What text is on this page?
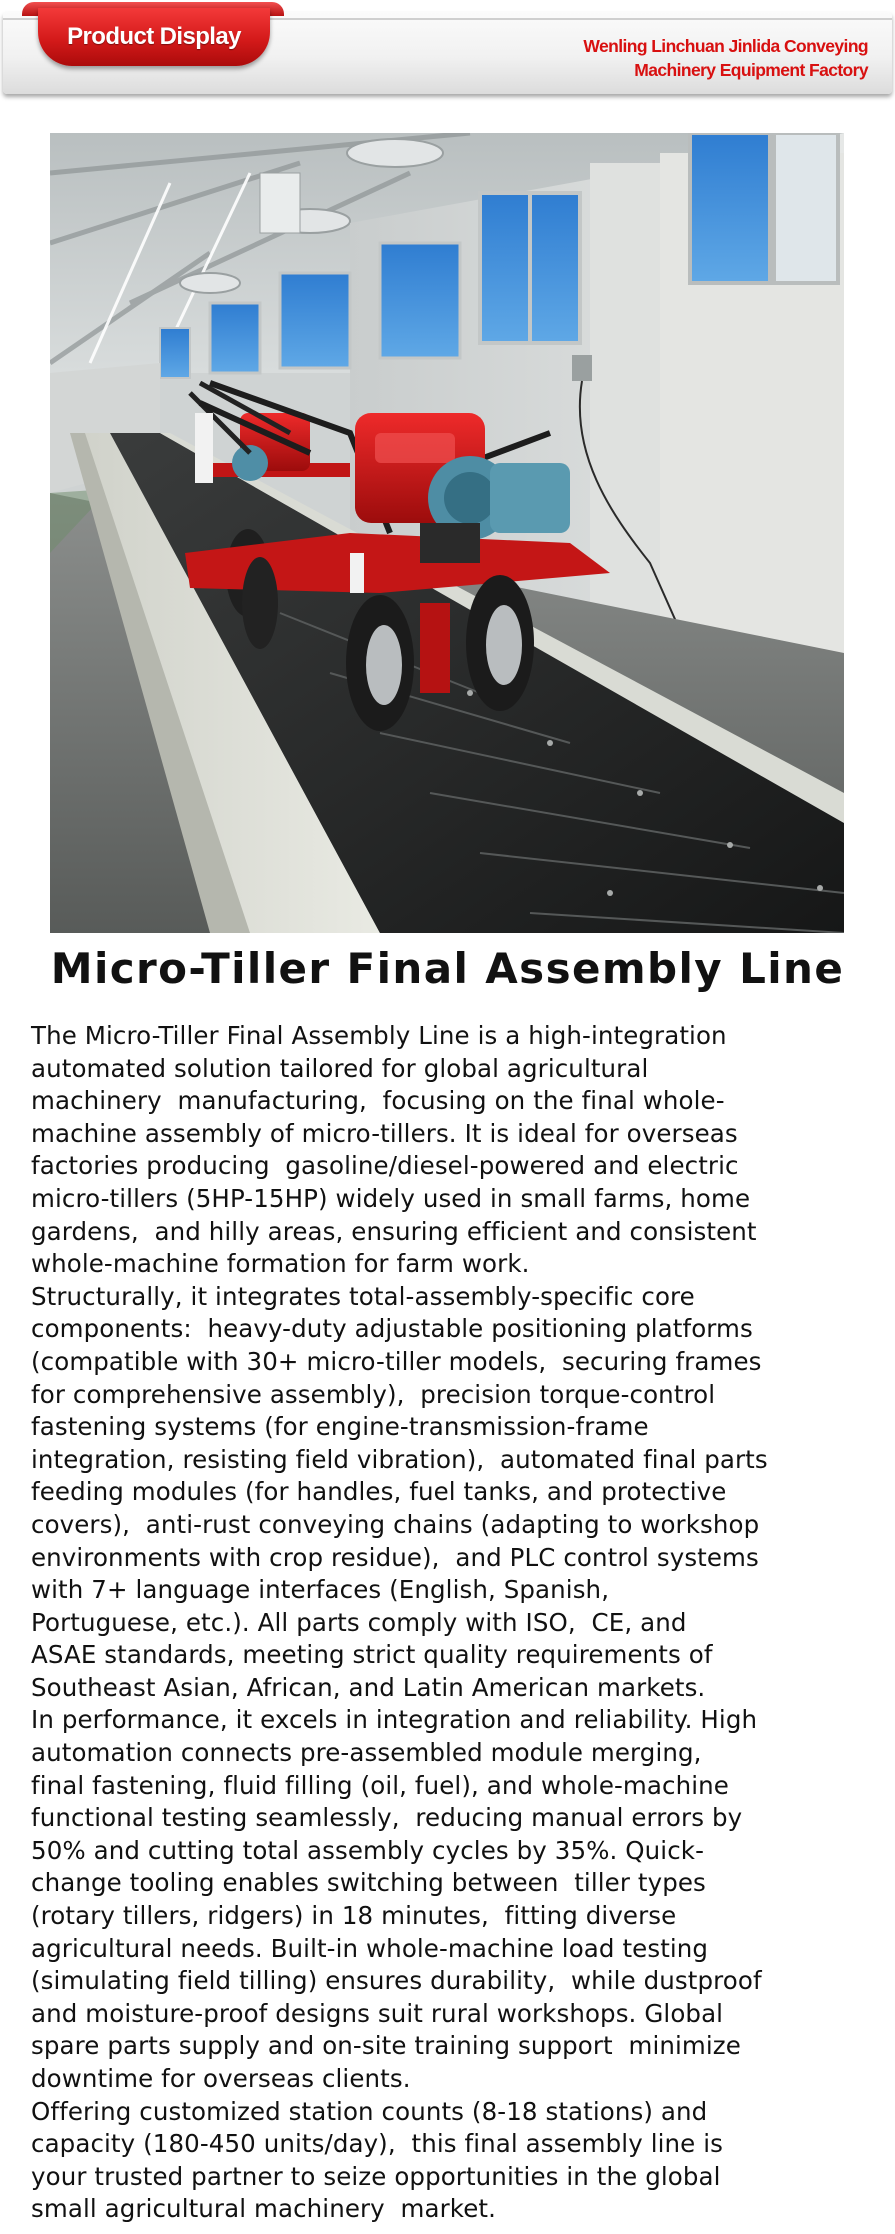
Wenling Linchuan Jinlida Conveying
Machinery Equipment Factory
Product Display
Micro-Tiller Final Assembly Line
The Micro-Tiller Final Assembly Line is a high-integration
automated solution tailored for global agricultural
machinery  manufacturing,  focusing on the final whole-
machine assembly of micro-tillers. It is ideal for overseas
factories producing  gasoline/diesel-powered and electric
micro-tillers (5HP-15HP) widely used in small farms, home
gardens,  and hilly areas, ensuring efficient and consistent
whole-machine formation for farm work.
Structurally, it integrates total-assembly-specific core
components:  heavy-duty adjustable positioning platforms
(compatible with 30+ micro-tiller models,  securing frames
for comprehensive assembly),  precision torque-control
fastening systems (for engine-transmission-frame
integration, resisting field vibration),  automated final parts
feeding modules (for handles, fuel tanks, and protective
covers),  anti-rust conveying chains (adapting to workshop
environments with crop residue),  and PLC control systems
with 7+ language interfaces (English, Spanish,
Portuguese, etc.). All parts comply with ISO,  CE, and
ASAE standards, meeting strict quality requirements of
Southeast Asian, African, and Latin American markets.
In performance, it excels in integration and reliability. High
automation connects pre-assembled module merging,
final fastening, fluid filling (oil, fuel), and whole-machine
functional testing seamlessly,  reducing manual errors by
50% and cutting total assembly cycles by 35%. Quick-
change tooling enables switching between  tiller types
(rotary tillers, ridgers) in 18 minutes,  fitting diverse
agricultural needs. Built-in whole-machine load testing
(simulating field tilling) ensures durability,  while dustproof
and moisture-proof designs suit rural workshops. Global
spare parts supply and on-site training support  minimize
downtime for overseas clients.
Offering customized station counts (8-18 stations) and
capacity (180-450 units/day),  this final assembly line is
your trusted partner to seize opportunities in the global
small agricultural machinery  market.
